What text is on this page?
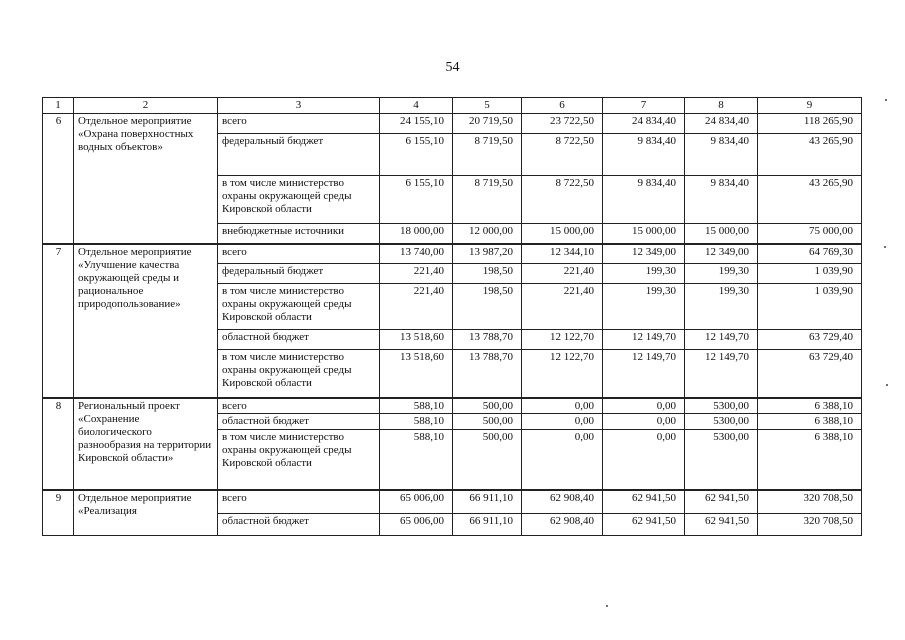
54
1	2	3	4	5	6	7	8	9
6	Отдельное мероприятие «Охрана поверхностных водных объектов»	всего	24 155,10	20 719,50	23 722,50	24 834,40	24 834,40	118 265,90
		федеральный бюджет	6 155,10	8 719,50	8 722,50	9 834,40	9 834,40	43 265,90
		в том числе министерство охраны окружающей среды Кировской области	6 155,10	8 719,50	8 722,50	9 834,40	9 834,40	43 265,90
		внебюджетные источники	18 000,00	12 000,00	15 000,00	15 000,00	15 000,00	75 000,00
7	Отдельное мероприятие «Улучшение качества окружающей среды и рациональное природопользование»	всего	13 740,00	13 987,20	12 344,10	12 349,00	12 349,00	64 769,30
		федеральный бюджет	221,40	198,50	221,40	199,30	199,30	1 039,90
		в том числе министерство охраны окружающей среды Кировской области	221,40	198,50	221,40	199,30	199,30	1 039,90
		областной бюджет	13 518,60	13 788,70	12 122,70	12 149,70	12 149,70	63 729,40
		в том числе министерство охраны окружающей среды Кировской области	13 518,60	13 788,70	12 122,70	12 149,70	12 149,70	63 729,40
8	Региональный проект «Сохранение биологического разнообразия на территории Кировской области»	всего	588,10	500,00	0,00	0,00	5300,00	6 388,10
		областной бюджет	588,10	500,00	0,00	0,00	5300,00	6 388,10
		в том числе министерство охраны окружающей среды Кировской области	588,10	500,00	0,00	0,00	5300,00	6 388,10
9	Отдельное мероприятие «Реализация	всего	65 006,00	66 911,10	62 908,40	62 941,50	62 941,50	320 708,50
		областной бюджет	65 006,00	66 911,10	62 908,40	62 941,50	62 941,50	320 708,50
